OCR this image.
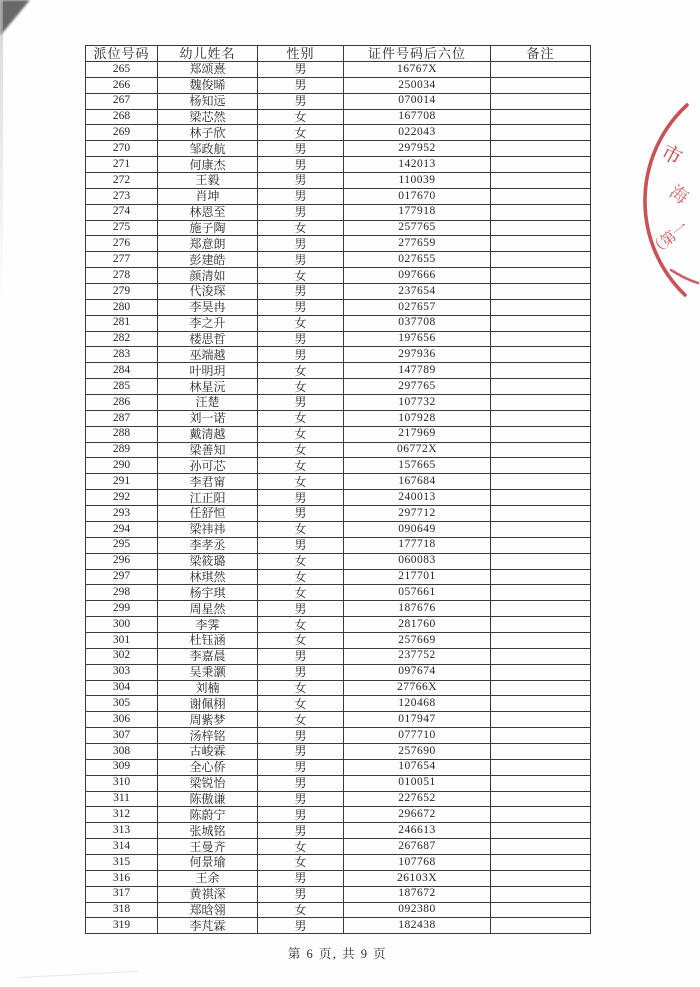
派位号码	幼儿姓名	性别	证件号码后六位	备注
265	郑颂熹	男	16767X	
266	魏俊晞	男	250034	
267	杨知远	男	070014	
268	梁芯然	女	167708	
269	林子欣	女	022043	
270	邹政航	男	297952	
271	何康杰	男	142013	
272	王毅	男	110039	
273	肖坤	男	017670	
274	林恩至	男	177918	
275	施子陶	女	257765	
276	郑意朗	男	277659	
277	彭建皓	男	027655	
278	颜清如	女	097666	
279	代浚琛	男	237654	
280	李昊冉	男	027657	
281	李之升	女	037708	
282	楼思哲	男	197656	
283	巫端越	男	297936	
284	叶明玥	女	147789	
285	林星沅	女	297765	
286	汪楚	男	107732	
287	刘一诺	女	107928	
288	戴清越	女	217969	
289	梁善知	女	06772X	
290	孙可芯	女	157665	
291	李君甯	女	167684	
292	江正阳	男	240013	
293	任舒恒	男	297712	
294	梁祎祎	女	090649	
295	李孝丞	男	177718	
296	梁筱璐	女	060083	
297	林琪然	女	217701	
298	杨宇琪	女	057661	
299	周星然	男	187676	
300	李霁	女	281760	
301	杜钰涵	女	257669	
302	李嘉晨	男	237752	
303	吴秉灏	男	097674	
304	刘楠	女	27766X	
305	谢佩栩	女	120468	
306	周紫梦	女	017947	
307	汤梓铭	男	077710	
308	古峻霖	男	257690	
309	全心侨	男	107654	
310	梁锐怡	男	010051	
311	陈傲谦	男	227652	
312	陈蔚宁	男	296672	
313	张城铭	男	246613	
314	王曼齐	女	267687	
315	何景瑜	女	107768	
316	王余	男	26103X	
317	黄祺深	男	187672	
318	郑晗翎	女	092380	
319	李芃霖	男	182438	
市
海
（第一
第 6 页, 共 9 页
